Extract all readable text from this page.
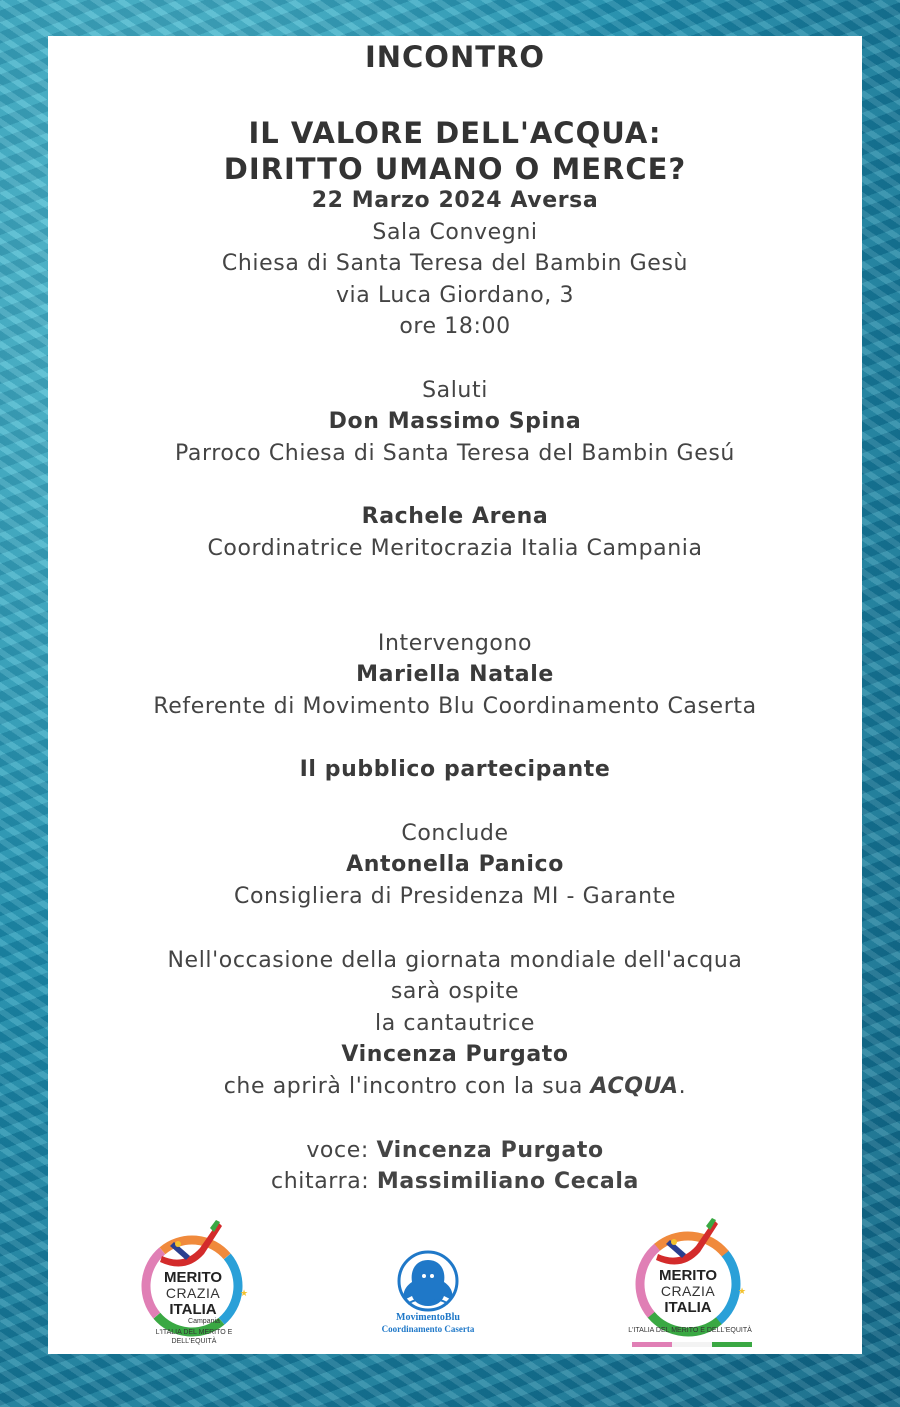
INCONTRO
IL VALORE DELL'ACQUA:
DIRITTO UMANO O MERCE?
22 Marzo 2024 Aversa
Sala Convegni
Chiesa di Santa Teresa del Bambin Gesù
via Luca Giordano, 3
ore 18:00
Saluti
Don Massimo Spina
Parroco Chiesa di Santa Teresa del Bambin Gesú
Rachele Arena
Coordinatrice Meritocrazia Italia Campania
Intervengono
Mariella Natale
Referente di Movimento Blu Coordinamento Caserta
Il pubblico partecipante
Conclude
Antonella Panico
Consigliera di Presidenza MI - Garante
Nell'occasione della giornata mondiale dell'acqua
sarà ospite
la cantautrice
Vincenza Purgato
che aprirà l'incontro con la sua ACQUA.
voce: Vincenza Purgato
chitarra: Massimiliano Cecala
★
MERITO
CRAZIA
ITALIA
Campania
L'ITALIA DEL MERITO E DELL'EQUITÀ
MovimentoBlu
Coordinamento Caserta
★
MERITO
CRAZIA
ITALIA
L'ITALIA DEL MERITO E DELL'EQUITÀ
